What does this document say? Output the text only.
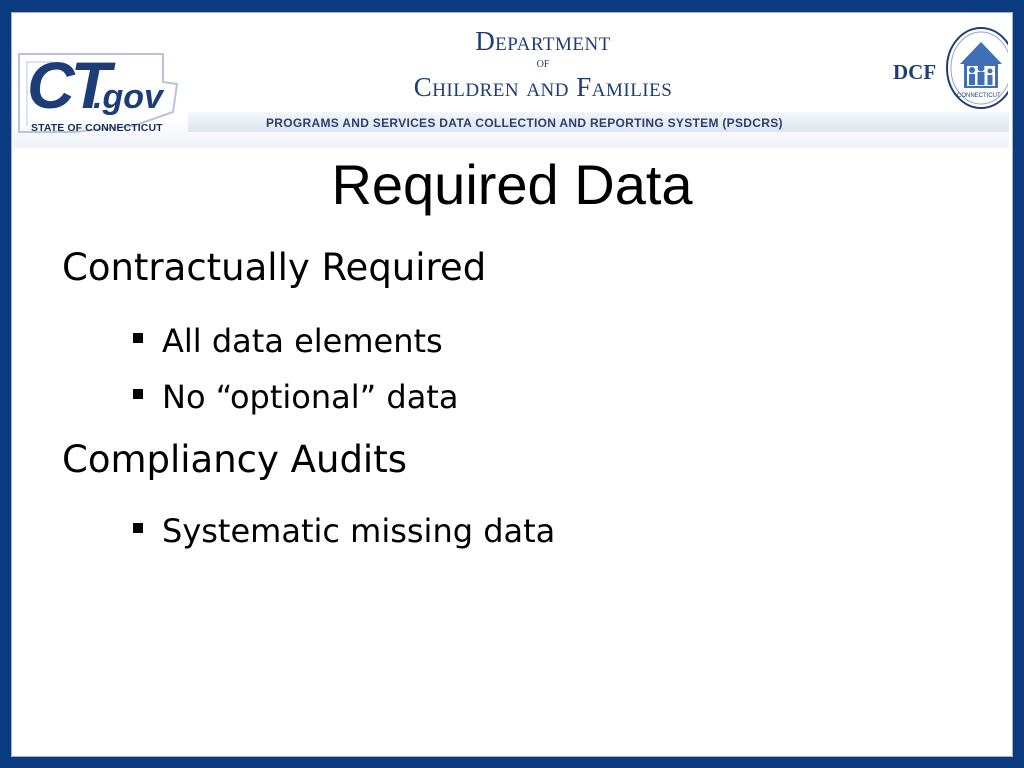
CT
.gov
STATE OF CONNECTICUT
Department
of
Children and Families
PROGRAMS AND SERVICES DATA COLLECTION AND REPORTING SYSTEM (PSDCRS)
DCF
CONNECTICUT
Required Data
Contractually Required
All data elements
No “optional” data
Compliancy Audits
Systematic missing data
